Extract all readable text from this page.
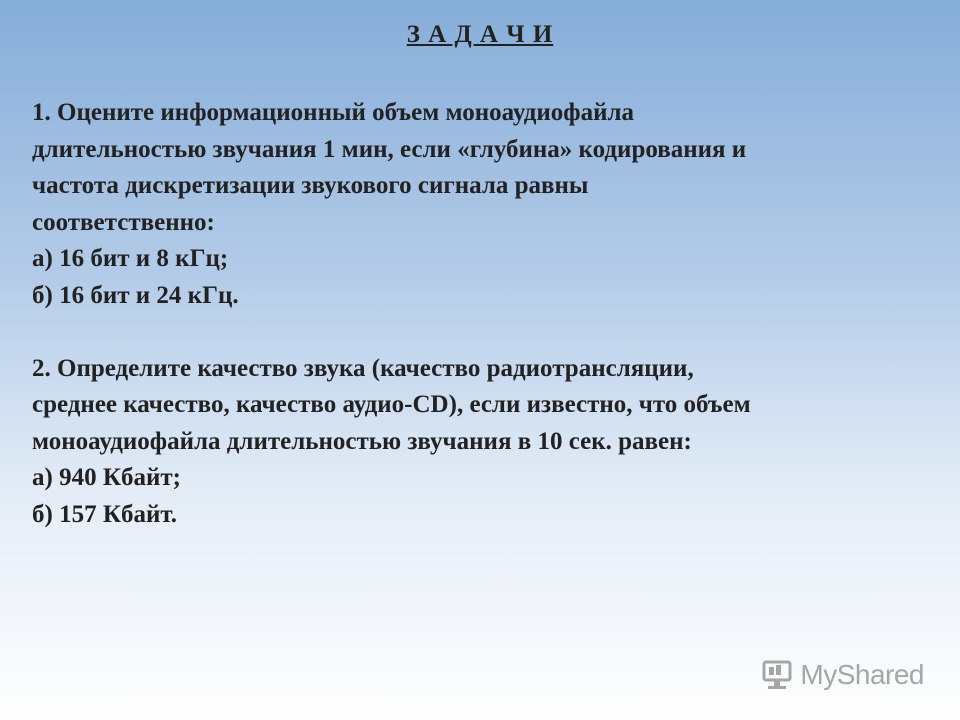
З А Д А Ч И
1. Оцените информационный объем моноаудиофайла
длительностью звучания 1 мин, если «глубина» кодирования и
частота дискретизации звукового сигнала равны
соответственно:
а) 16 бит и 8 кГц;
б) 16 бит и 24 кГц.
2. Определите качество звука (качество радиотрансляции,
среднее качество, качество аудио-CD), если известно, что объем
моноаудиофайла длительностью звучания в 10 сек. равен:
а) 940 Кбайт;
б) 157 Кбайт.
MyShared
